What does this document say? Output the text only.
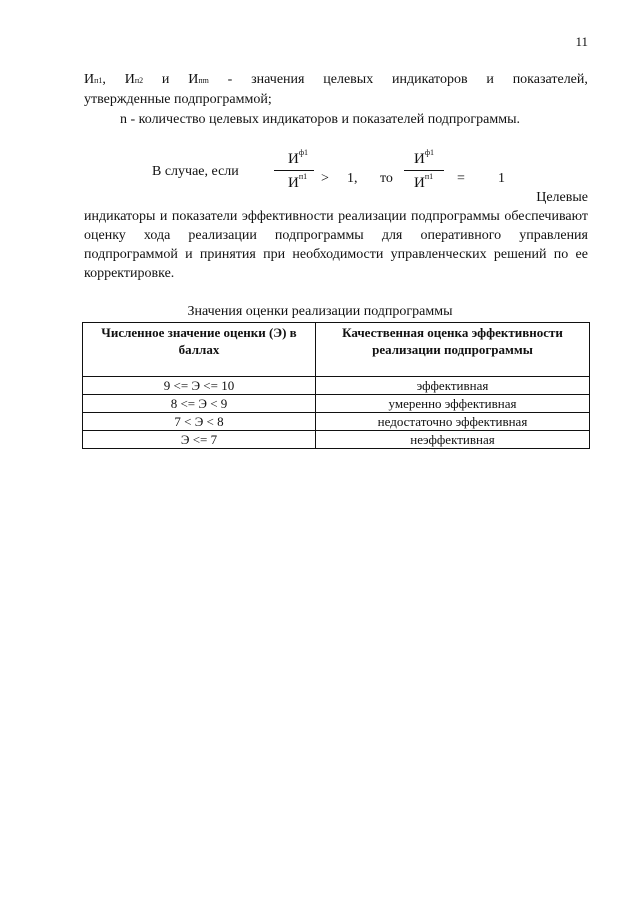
11
Ип1, Ип2 и Ипm - значения целевых индикаторов и показателей,
утвержденные подпрограммой;
n - количество целевых индикаторов и показателей подпрограммы.
В случае, если
$И^{ф1}$
$И^{п1} > 1$, то
$И^{ф1}$
$И^{п1} = 1$
Целевые
индикаторы и показатели эффективности реализации подпрограммы обеспечивают оценку хода реализации подпрограммы для оперативного управления подпрограммой и принятия при необходимости управленческих решений по ее корректировке.
Значения оценки реализации подпрограммы
Численное значение оценки (Э) в баллах	Качественная оценка эффективности реализации подпрограммы
9 <= Э <= 10	эффективная
8 <= Э < 9	умеренно эффективная
7 < Э < 8	недостаточно эффективная
Э <= 7	неэффективная
